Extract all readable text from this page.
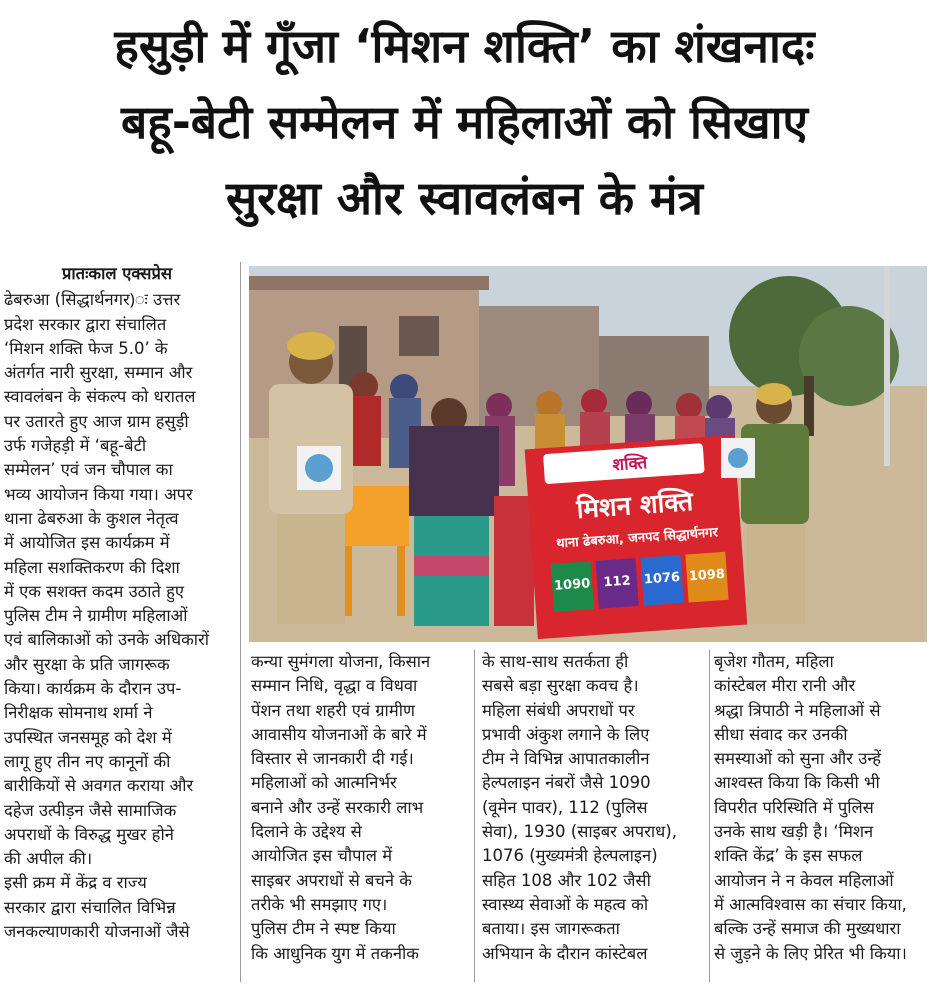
हसुड़ी में गूँजा ‘मिशन शक्ति’ का शंखनादः
बहू-बेटी सम्मेलन में महिलाओं को सिखाए
सुरक्षा और स्वावलंबन के मंत्र
प्रातःकाल एक्सप्रेस
ढेबरुआ (सिद्धार्थनगर)ः उत्तर
प्रदेश सरकार द्वारा संचालित
‘मिशन शक्ति फेज 5.0’ के
अंतर्गत नारी सुरक्षा, सम्मान और
स्वावलंबन के संकल्प को धरातल
पर उतारते हुए आज ग्राम हसुड़ी
उर्फ गजेहड़ी में ‘बहू-बेटी
सम्मेलन’ एवं जन चौपाल का
भव्य आयोजन किया गया। अपर
थाना ढेबरुआ के कुशल नेतृत्व
में आयोजित इस कार्यक्रम में
महिला सशक्तिकरण की दिशा
में एक सशक्त कदम उठाते हुए
पुलिस टीम ने ग्रामीण महिलाओं
एवं बालिकाओं को उनके अधिकारों
और सुरक्षा के प्रति जागरूक
किया। कार्यक्रम के दौरान उप-
निरीक्षक सोमनाथ शर्मा ने
उपस्थित जनसमूह को देश में
लागू हुए तीन नए कानूनों की
बारीकियों से अवगत कराया और
दहेज उत्पीड़न जैसे सामाजिक
अपराधों के विरुद्ध मुखर होने
की अपील की।
इसी क्रम में केंद्र व राज्य
सरकार द्वारा संचालित विभिन्न
जनकल्याणकारी योजनाओं जैसे
शक्ति
मिशन शक्ति
थाना ढेबरुआ, जनपद सिद्धार्थनगर
1090 112 1076 1098
कन्या सुमंगला योजना, किसान
सम्मान निधि, वृद्धा व विधवा
पेंशन तथा शहरी एवं ग्रामीण
आवासीय योजनाओं के बारे में
विस्तार से जानकारी दी गई।
महिलाओं को आत्मनिर्भर
बनाने और उन्हें सरकारी लाभ
दिलाने के उद्देश्य से
आयोजित इस चौपाल में
साइबर अपराधों से बचने के
तरीके भी समझाए गए।
पुलिस टीम ने स्पष्ट किया
कि आधुनिक युग में तकनीक
के साथ-साथ सतर्कता ही
सबसे बड़ा सुरक्षा कवच है।
महिला संबंधी अपराधों पर
प्रभावी अंकुश लगाने के लिए
टीम ने विभिन्न आपातकालीन
हेल्पलाइन नंबरों जैसे 1090
(वूमेन पावर), 112 (पुलिस
सेवा), 1930 (साइबर अपराध),
1076 (मुख्यमंत्री हेल्पलाइन)
सहित 108 और 102 जैसी
स्वास्थ्य सेवाओं के महत्व को
बताया। इस जागरूकता
अभियान के दौरान कांस्टेबल
बृजेश गौतम, महिला
कांस्टेबल मीरा रानी और
श्रद्धा त्रिपाठी ने महिलाओं से
सीधा संवाद कर उनकी
समस्याओं को सुना और उन्हें
आश्वस्त किया कि किसी भी
विपरीत परिस्थिति में पुलिस
उनके साथ खड़ी है। ‘मिशन
शक्ति केंद्र’ के इस सफल
आयोजन ने न केवल महिलाओं
में आत्मविश्वास का संचार किया,
बल्कि उन्हें समाज की मुख्यधारा
से जुड़ने के लिए प्रेरित भी किया।
